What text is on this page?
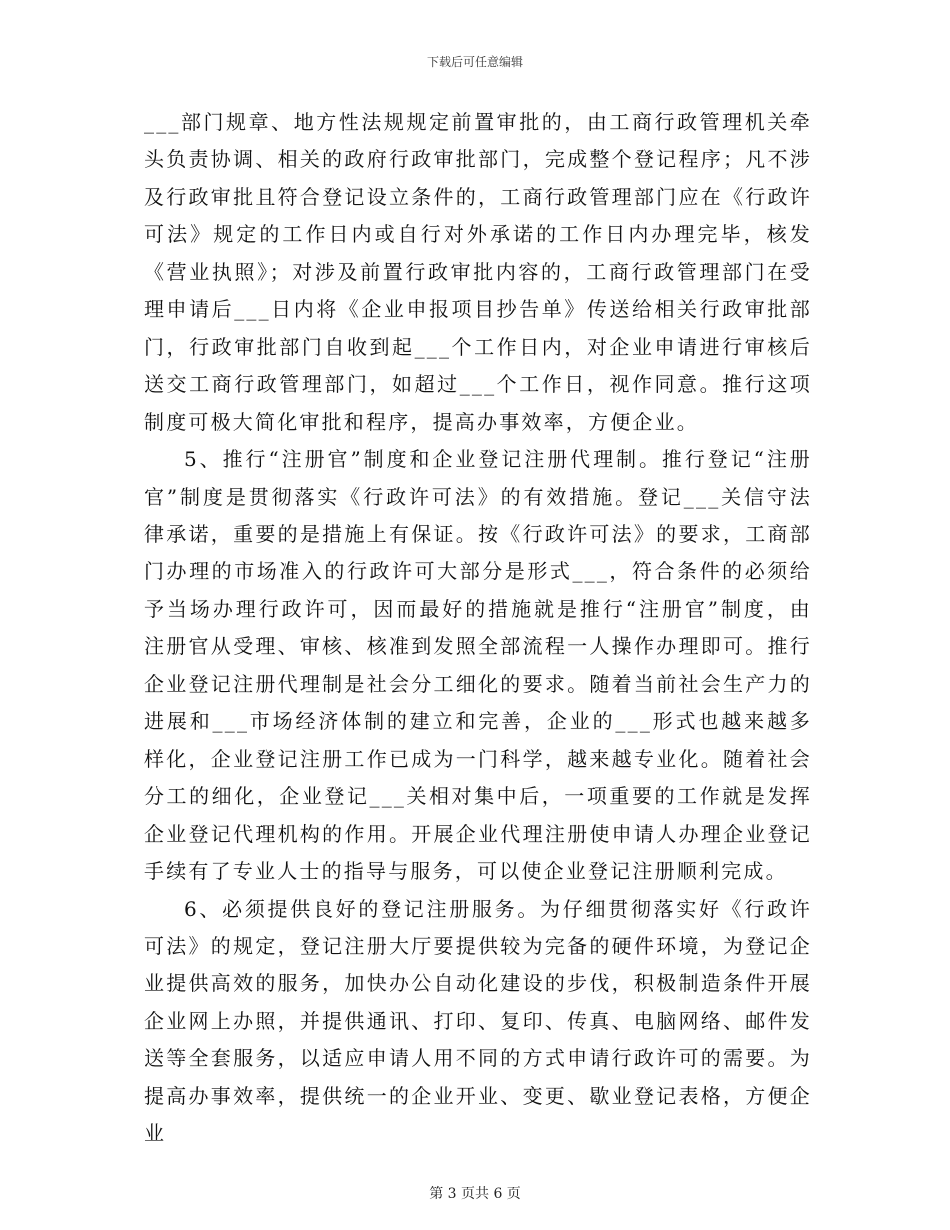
下载后可任意编辑

___部门规章、地方性法规规定前置审批的，由工商行政管理机关牵头负责协调、相关的政府行政审批部门，完成整个登记程序；凡不涉及行政审批且符合登记设立条件的，工商行政管理部门应在《行政许可法》规定的工作日内或自行对外承诺的工作日内办理完毕，核发《营业执照》；对涉及前置行政审批内容的，工商行政管理部门在受理申请后___日内将《企业申报项目抄告单》传送给相关行政审批部门，行政审批部门自收到起___个工作日内，对企业申请进行审核后送交工商行政管理部门，如超过___个工作日，视作同意。推行这项制度可极大简化审批和程序，提高办事效率，方便企业。

5、推行“注册官”制度和企业登记注册代理制。推行登记“注册官”制度是贯彻落实《行政许可法》的有效措施。登记___关信守法律承诺，重要的是措施上有保证。按《行政许可法》的要求，工商部门办理的市场准入的行政许可大部分是形式___，符合条件的必须给予当场办理行政许可，因而最好的措施就是推行“注册官”制度，由注册官从受理、审核、核准到发照全部流程一人操作办理即可。推行企业登记注册代理制是社会分工细化的要求。随着当前社会生产力的进展和___市场经济体制的建立和完善，企业的___形式也越来越多样化，企业登记注册工作已成为一门科学，越来越专业化。随着社会分工的细化，企业登记___关相对集中后，一项重要的工作就是发挥企业登记代理机构的作用。开展企业代理注册使申请人办理企业登记手续有了专业人士的指导与服务，可以使企业登记注册顺利完成。

6、必须提供良好的登记注册服务。为仔细贯彻落实好《行政许可法》的规定，登记注册大厅要提供较为完备的硬件环境，为登记企业提供高效的服务，加快办公自动化建设的步伐，积极制造条件开展企业网上办照，并提供通讯、打印、复印、传真、电脑网络、邮件发送等全套服务，以适应申请人用不同的方式申请行政许可的需要。为提高办事效率，提供统一的企业开业、变更、歇业登记表格，方便企业

第 3 页共 6 页
